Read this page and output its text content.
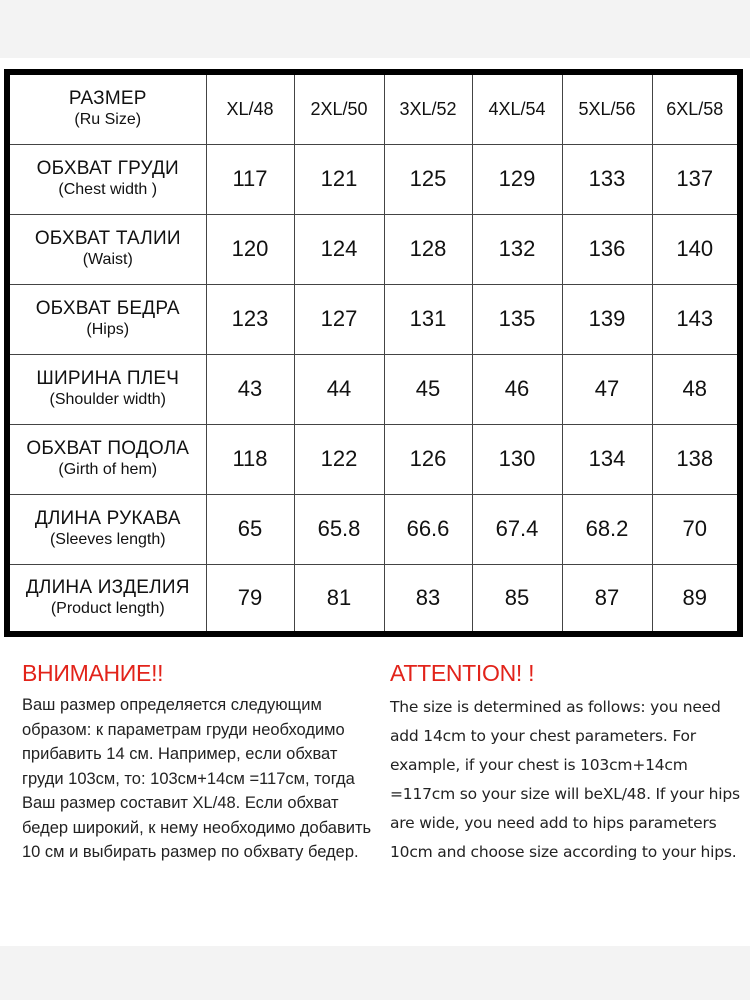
РАЗМЕР
(Ru Size)	XL/48	2XL/50	3XL/52	4XL/54	5XL/56	6XL/58

ОБХВАТ ГРУДИ
(Chest width )	117	121	125	129	133	137

ОБХВАТ ТАЛИИ
(Waist)	120	124	128	132	136	140

ОБХВАТ БЕДРА
(Hips)	123	127	131	135	139	143

ШИРИНА ПЛЕЧ
(Shoulder width)	43	44	45	46	47	48

ОБХВАТ ПОДОЛА
(Girth of hem)	118	122	126	130	134	138

ДЛИНА РУКАВА
(Sleeves length)	65	65.8	66.6	67.4	68.2	70

ДЛИНА ИЗДЕЛИЯ
(Product length)	79	81	83	85	87	89
ВНИМАНИЕ!!

Ваш размер определяется следующим образом: к параметрам груди необходимо прибавить 14 см. Например, если обхват груди 103см, то: 103см+14см =117см, тогда Ваш размер составит XL/48. Если обхват бедер широкий, к нему необходимо добавить 10 см и выбирать размер по обхвату бедер.

ATTENTION! !

The size is determined as follows: you need add 14cm to your chest parameters. For example, if your chest is 103cm+14cm =117cm so your size will beXL/48. If your hips are wide, you need add to hips parameters 10cm and choose size according to your hips.
